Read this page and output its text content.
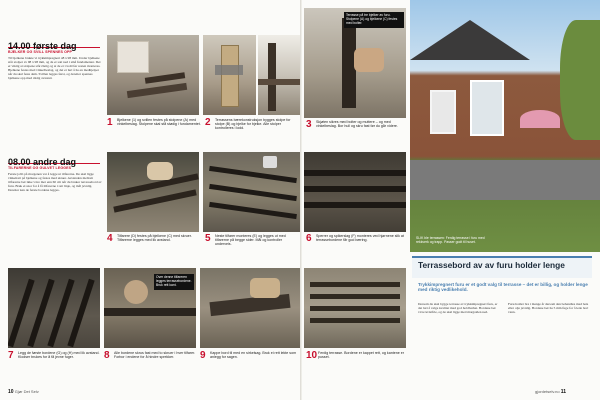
14.00 første dag
BJELKER OG SVILL SPENNES OPP
Til bjelkene brukte vi trykkimpregnert 48 x 98 mm. Under bjelkene står stolper av 98 x 98 mm, og de er satt ned i små fundamenter. Det er viktig at stolpene står riktig og at de er i lodd før resten monteres. Bjelkene festes med vinkelbeslag, og det er lurt å ha en medhjelper når du skal feste dem. Svillen legges først, og deretter spennes bjelkene opp med riktig avstand.
1 Bjelkene (1) og svillen festes på stolpene (A) med vinkelbeslag. Stolpene skal stå stødig i fundamentet. 2 Terrassens bærekonstruksjon bygges stolpe for stolpe (B) og bjelke for bjelke. Alle stolper kontrolleres i lodd.
08.00 andre dag
TILFARERNE OG GULVET LEGGES
Første jobb på morgenen var å legge ut tilfarerne. De skal ligge vinkelrett på bjelkene og festes med skruer. Avstanden mellom tilfarerne bør ikke være mer enn 60 cm når du bruker terrassebord av furu. Bruk ei snor for å få tilfarerne i rett linje, og mål jevnlig. Deretter kan de første bordene legges.
4 Tilfarere (D) festes på bjelkene (C) med skruer. Tilfarerne legges med lik avstand.	5 Neste tilfarer monteres (E) og legges ut med tilfarerne på begge sider. Mål og kontroller underveis.
Over denne tilfareren legges terrassebordene. Bruk rett kant.
7 Legg de første bordene (G) og (H) med lik avstand. Klodser brukes for å få jevne fuger.	8 Alle bordene skrus fast med to skruer i hver tilfarer. Forbor i endene for å hindre sprekker.	9 Kappe bord til med en sirkelsag. Bruk ei rett lekte som anlegg for sagen.
10 Gjør Det Selv
Terrasse på tre bjelker av furu. Stolpene (A) og bjelkene (C) festes med bolter.
3 Skjøten sikres med bolter og muttere – og med vinkelbeslag. Bor hull og skru fast før du går videre.
6 Sperrer og spikerslag (F) monteres ved hjørnene slik at terrassebordene får god bæring.
10 Ferdig terrasse. Bordene er kappet rett, og kantene er pusset.
SLIK ble terrassen: Ferdig terrasse i furu med rekkverk og trapp. Passer godt til huset.
Terrassebord av av furu holder lenge
Trykkimpregnert furu er et godt valg til terrasse – det er billig, og holder lenge med riktig vedlikehold.
Dersom du skal bygge terrasse av trykkimpregnert furu, er det lurt å velge kvalitet med god holdbarhet. Bordene bør være kvistfrie, og de skal ligge med margsiden ned.
Furu holder bra i mange år dersom den behandles med beis eller olje jevnlig. Bordene bør ha 5 mm fuge for å lede bort vann.
gjordetselv.no 11
